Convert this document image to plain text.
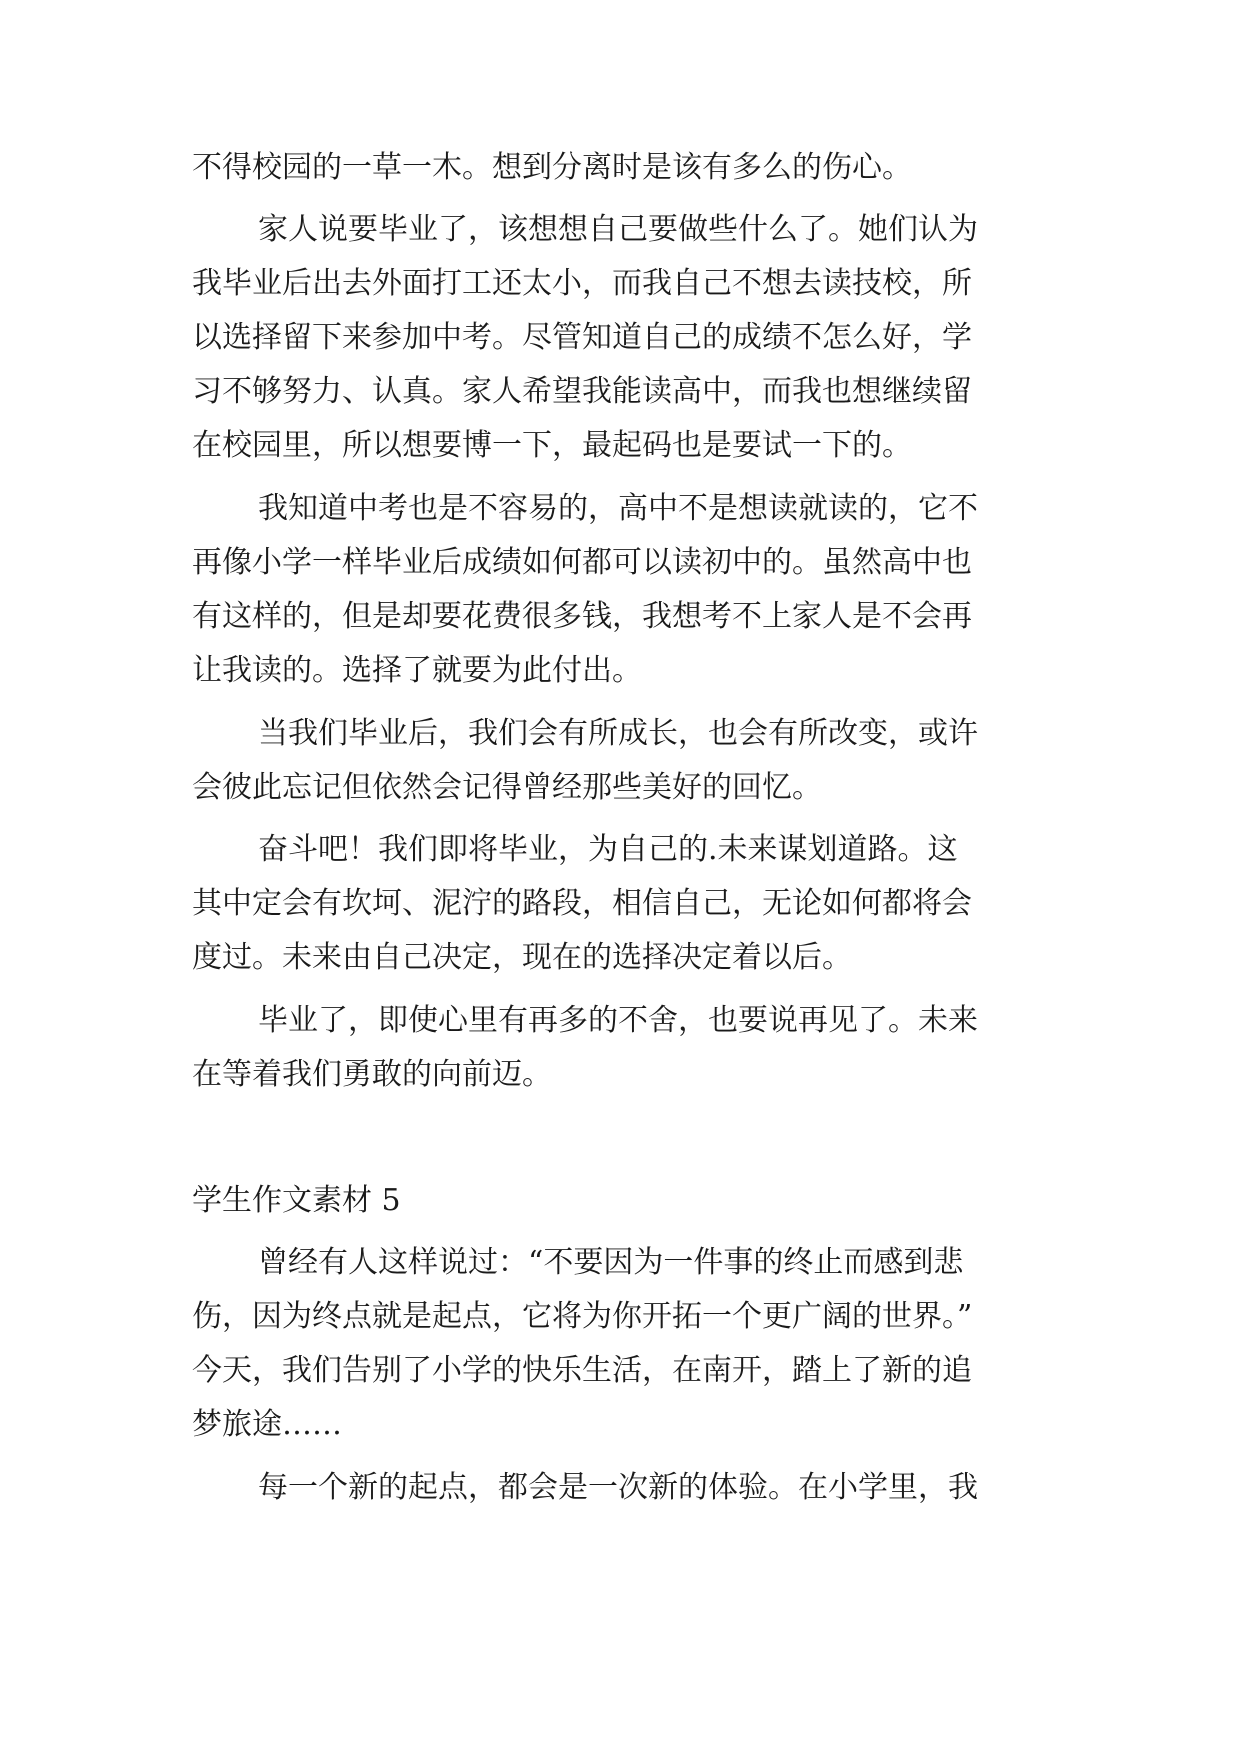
不得校园的一草一木。想到分离时是该有多么的伤心。
家人说要毕业了，该想想自己要做些什么了。她们认为
我毕业后出去外面打工还太小，而我自己不想去读技校，所
以选择留下来参加中考。尽管知道自己的成绩不怎么好，学
习不够努力、认真。家人希望我能读高中，而我也想继续留
在校园里，所以想要博一下，最起码也是要试一下的。
我知道中考也是不容易的，高中不是想读就读的，它不
再像小学一样毕业后成绩如何都可以读初中的。虽然高中也
有这样的，但是却要花费很多钱，我想考不上家人是不会再
让我读的。选择了就要为此付出。
当我们毕业后，我们会有所成长，也会有所改变，或许
会彼此忘记但依然会记得曾经那些美好的回忆。
奋斗吧！我们即将毕业，为自己的.未来谋划道路。这
其中定会有坎坷、泥泞的路段，相信自己，无论如何都将会
度过。未来由自己决定，现在的选择决定着以后。
毕业了，即使心里有再多的不舍，也要说再见了。未来
在等着我们勇敢的向前迈。
学生作文素材 5
曾经有人这样说过：“不要因为一件事的终止而感到悲
伤，因为终点就是起点，它将为你开拓一个更广阔的世界。”
今天，我们告别了小学的快乐生活，在南开，踏上了新的追
梦旅途……
每一个新的起点，都会是一次新的体验。在小学里，我
